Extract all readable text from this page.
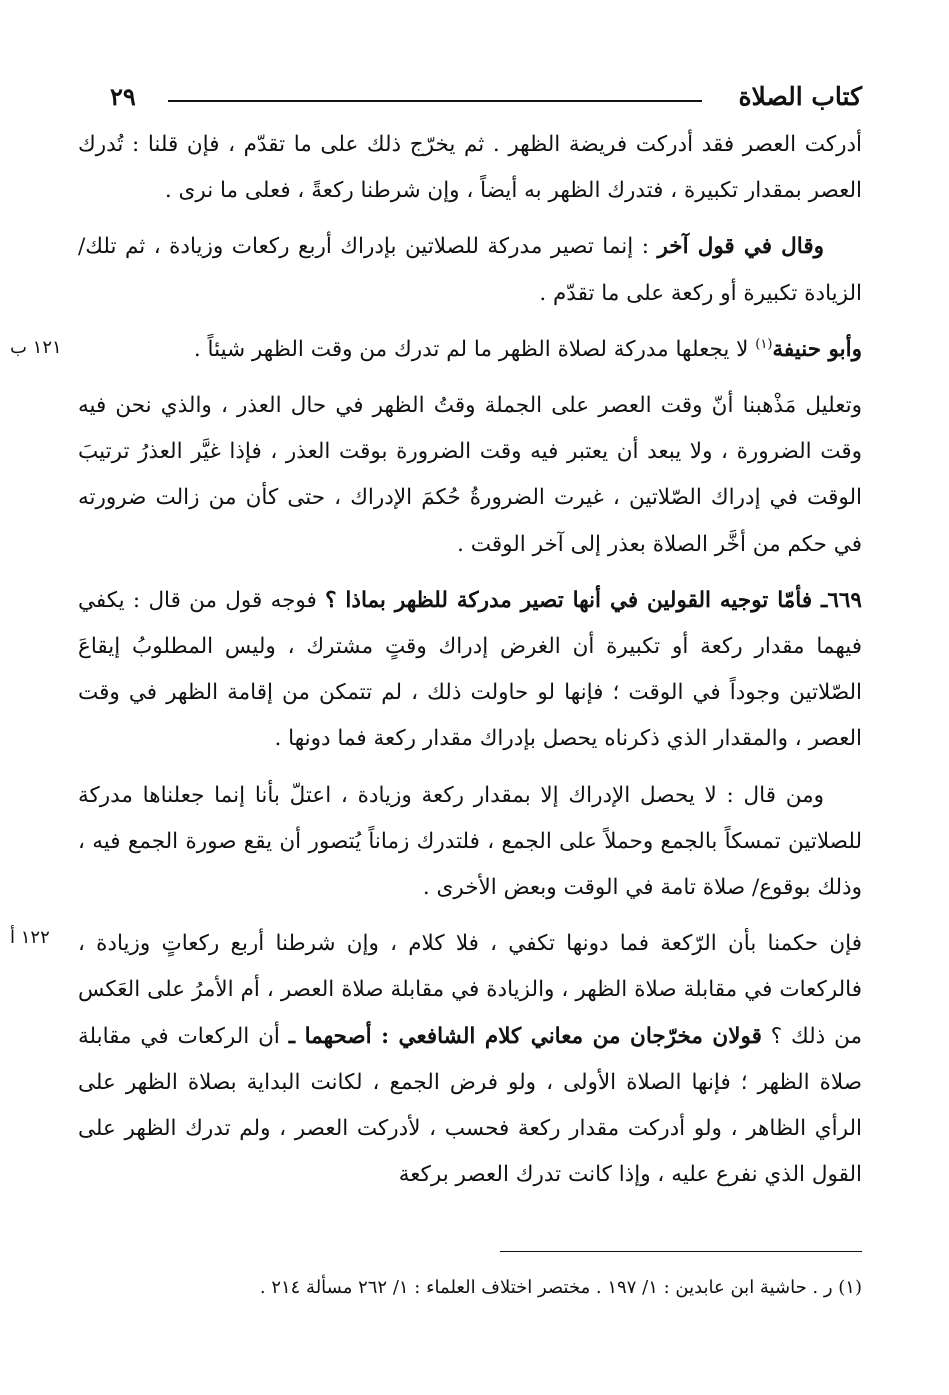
كتاب الصلاة
٢٩

أدركت العصر فقد أدركت فريضة الظهر . ثم يخرّج ذلك على ما تقدّم ، فإن قلنا : تُدرك العصر بمقدار تكبيرة ، فتدرك الظهر به أيضاً ، وإن شرطنا ركعةً ، فعلى ما نرى .

وقال في قول آخر : إنما تصير مدركة للصلاتين بإدراك أربع ركعات وزيادة ، ثم تلك/ الزيادة تكبيرة أو ركعة على ما تقدّم .

وأبو حنيفة$^{(١)}$ لا يجعلها مدركة لصلاة الظهر ما لم تدرك من وقت الظهر شيئاً .

وتعليل مَذْهبنا أنّ وقت العصر على الجملة وقتُ الظهر في حال العذر ، والذي نحن فيه وقت الضرورة ، ولا يبعد أن يعتبر فيه وقت الضرورة بوقت العذر ، فإذا غيَّر العذرُ ترتيبَ الوقت في إدراك الصّلاتين ، غيرت الضرورةُ حُكمَ الإدراك ، حتى كأن من زالت ضرورته في حكم من أخَّر الصلاة بعذر إلى آخر الوقت .

٦٦٩ـ فأمّا توجيه القولين في أنها تصير مدركة للظهر بماذا ؟ فوجه قول من قال : يكفي فيهما مقدار ركعة أو تكبيرة أن الغرض إدراك وقتٍ مشترك ، وليس المطلوبُ إيقاعَ الصّلاتين وجوداً في الوقت ؛ فإنها لو حاولت ذلك ، لم تتمكن من إقامة الظهر في وقت العصر ، والمقدار الذي ذكرناه يحصل بإدراك مقدار ركعة فما دونها .

ومن قال : لا يحصل الإدراك إلا بمقدار ركعة وزيادة ، اعتلّ بأنا إنما جعلناها مدركة للصلاتين تمسكاً بالجمع وحملاً على الجمع ، فلتدرك زماناً يُتصور أن يقع صورة الجمع فيه ، وذلك بوقوع/ صلاة تامة في الوقت وبعض الأخرى .

فإن حكمنا بأن الرّكعة فما دونها تكفي ، فلا كلام ، وإن شرطنا أربع ركعاتٍ وزيادة ، فالركعات في مقابلة صلاة الظهر ، والزيادة في مقابلة صلاة العصر ، أم الأمرُ على العَكس من ذلك ؟ قولان مخرّجان من معاني كلام الشافعي : أصحهما ـ أن الركعات في مقابلة صلاة الظهر ؛ فإنها الصلاة الأولى ، ولو فرض الجمع ، لكانت البداية بصلاة الظهر على الرأي الظاهر ، ولو أدركت مقدار ركعة فحسب ، لأدركت العصر ، ولم تدرك الظهر على القول الذي نفرع عليه ، وإذا كانت تدرك العصر بركعة

١٢١ ب
١٢٢ أ
(١) ر . حاشية ابن عابدين : ١/ ١٩٧ . مختصر اختلاف العلماء : ١/ ٢٦٢ مسألة ٢١٤ .
